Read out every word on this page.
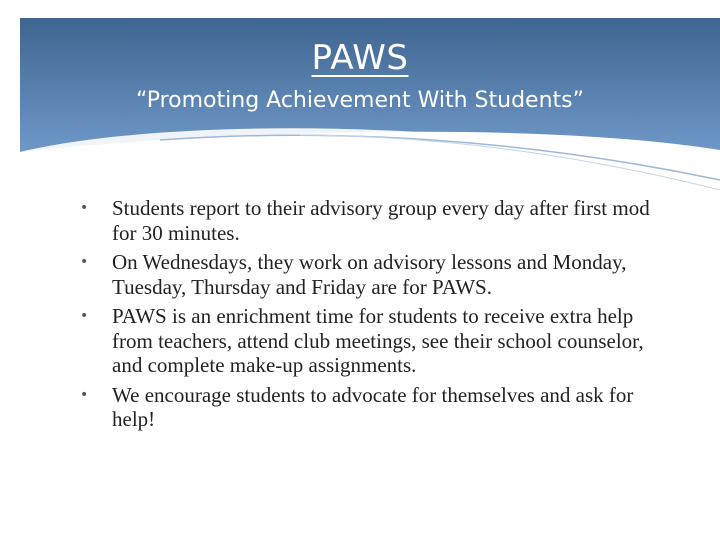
PAWS
“Promoting Achievement With Students”
• Students report to their advisory group every day after first mod for 30 minutes.
• On Wednesdays, they work on advisory lessons and Monday, Tuesday, Thursday and Friday are for PAWS.
• PAWS is an enrichment time for students to receive extra help from teachers, attend club meetings, see their school counselor, and complete make-up assignments.
• We encourage students to advocate for themselves and ask for help!
